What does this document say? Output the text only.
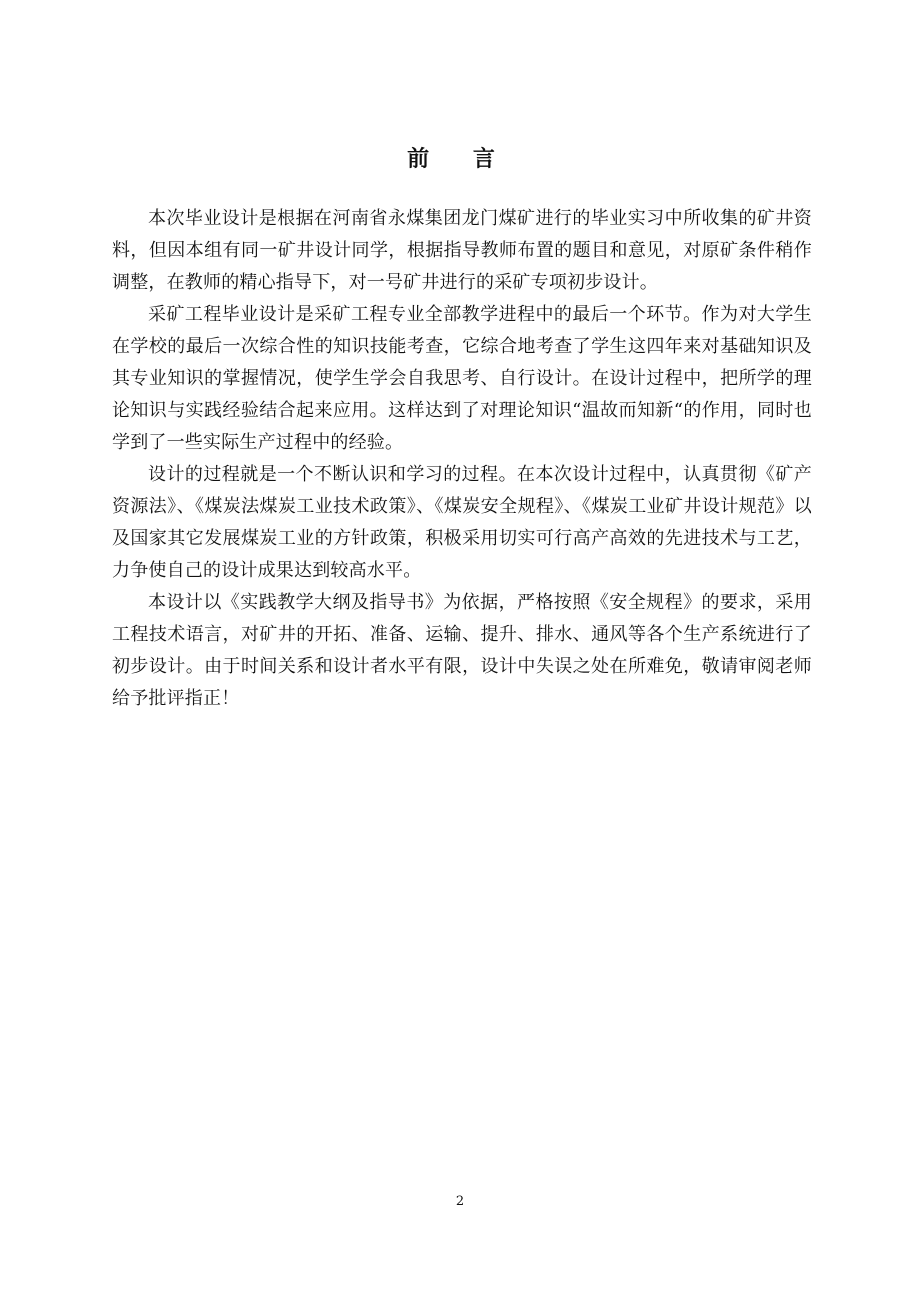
前 言

本次毕业设计是根据在河南省永煤集团龙门煤矿进行的毕业实习中所收集的矿井资料，但因本组有同一矿井设计同学，根据指导教师布置的题目和意见，对原矿条件稍作调整，在教师的精心指导下，对一号矿井进行的采矿专项初步设计。

采矿工程毕业设计是采矿工程专业全部教学进程中的最后一个环节。作为对大学生在学校的最后一次综合性的知识技能考查，它综合地考查了学生这四年来对基础知识及其专业知识的掌握情况，使学生学会自我思考、自行设计。在设计过程中，把所学的理论知识与实践经验结合起来应用。这样达到了对理论知识“温故而知新“的作用，同时也学到了一些实际生产过程中的经验。

设计的过程就是一个不断认识和学习的过程。在本次设计过程中，认真贯彻《矿产资源法》、《煤炭法煤炭工业技术政策》、《煤炭安全规程》、《煤炭工业矿井设计规范》以及国家其它发展煤炭工业的方针政策，积极采用切实可行高产高效的先进技术与工艺，力争使自己的设计成果达到较高水平。

本设计以《实践教学大纲及指导书》为依据，严格按照《安全规程》的要求，采用工程技术语言，对矿井的开拓、准备、运输、提升、排水、通风等各个生产系统进行了初步设计。由于时间关系和设计者水平有限，设计中失误之处在所难免，敬请审阅老师给予批评指正！

2
